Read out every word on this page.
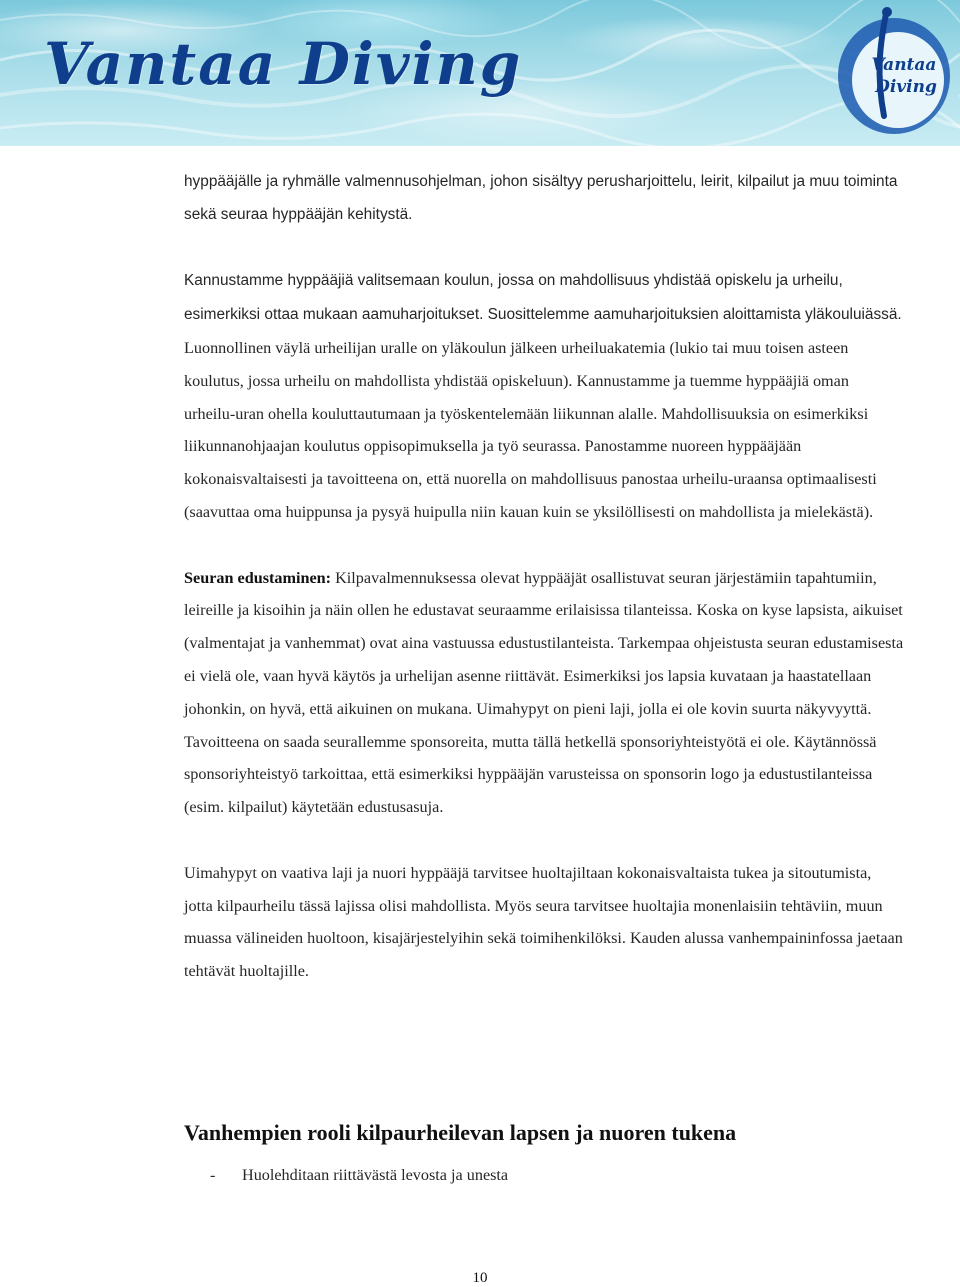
Vantaa Diving	Vantaa
Diving

hyppääjälle ja ryhmälle valmennusohjelman, johon sisältyy perusharjoittelu, leirit, kilpailut ja muu toiminta sekä seuraa hyppääjän kehitystä.

Kannustamme hyppääjiä valitsemaan koulun, jossa on mahdollisuus yhdistää opiskelu ja urheilu, esimerkiksi ottaa mukaan aamuharjoitukset. Suosittelemme aamuharjoituksien aloittamista yläkouluiässä. Luonnollinen väylä urheilijan uralle on yläkoulun jälkeen urheiluakatemia (lukio tai muu toisen asteen koulutus, jossa urheilu on mahdollista yhdistää opiskeluun). Kannustamme ja tuemme hyppääjiä oman urheilu-uran ohella kouluttautumaan ja työskentelemään liikunnan alalle. Mahdollisuuksia on esimerkiksi liikunnanohjaajan koulutus oppisopimuksella ja työ seurassa. Panostamme nuoreen hyppääjään kokonaisvaltaisesti ja tavoitteena on, että nuorella on mahdollisuus panostaa urheilu-uraansa optimaalisesti (saavuttaa oma huippunsa ja pysyä huipulla niin kauan kuin se yksilöllisesti on mahdollista ja mielekästä).

Seuran edustaminen: Kilpavalmennuksessa olevat hyppääjät osallistuvat seuran järjestämiin tapahtumiin, leireille ja kisoihin ja näin ollen he edustavat seuraamme erilaisissa tilanteissa. Koska on kyse lapsista, aikuiset (valmentajat ja vanhemmat) ovat aina vastuussa edustustilanteista. Tarkempaa ohjeistusta seuran edustamisesta ei vielä ole, vaan hyvä käytös ja urhelijan asenne riittävät. Esimerkiksi jos lapsia kuvataan ja haastatellaan johonkin, on hyvä, että aikuinen on mukana. Uimahypyt on pieni laji, jolla ei ole kovin suurta näkyvyyttä. Tavoitteena on saada seurallemme sponsoreita, mutta tällä hetkellä sponsoriyhteistyötä ei ole. Käytännössä sponsoriyhteistyö tarkoittaa, että esimerkiksi hyppääjän varusteissa on sponsorin logo ja edustustilanteissa (esim. kilpailut) käytetään edustusasuja.

Uimahypyt on vaativa laji ja nuori hyppääjä tarvitsee huoltajiltaan kokonaisvaltaista tukea ja sitoutumista, jotta kilpaurheilu tässä lajissa olisi mahdollista. Myös seura tarvitsee huoltajia monenlaisiin tehtäviin, muun muassa välineiden huoltoon, kisajärjestelyihin sekä toimihenkilöksi. Kauden alussa vanhempaininfossa jaetaan tehtävät huoltajille.

Vanhempien rooli kilpaurheilevan lapsen ja nuoren tukena
- Huolehditaan riittävästä levosta ja unesta
10
